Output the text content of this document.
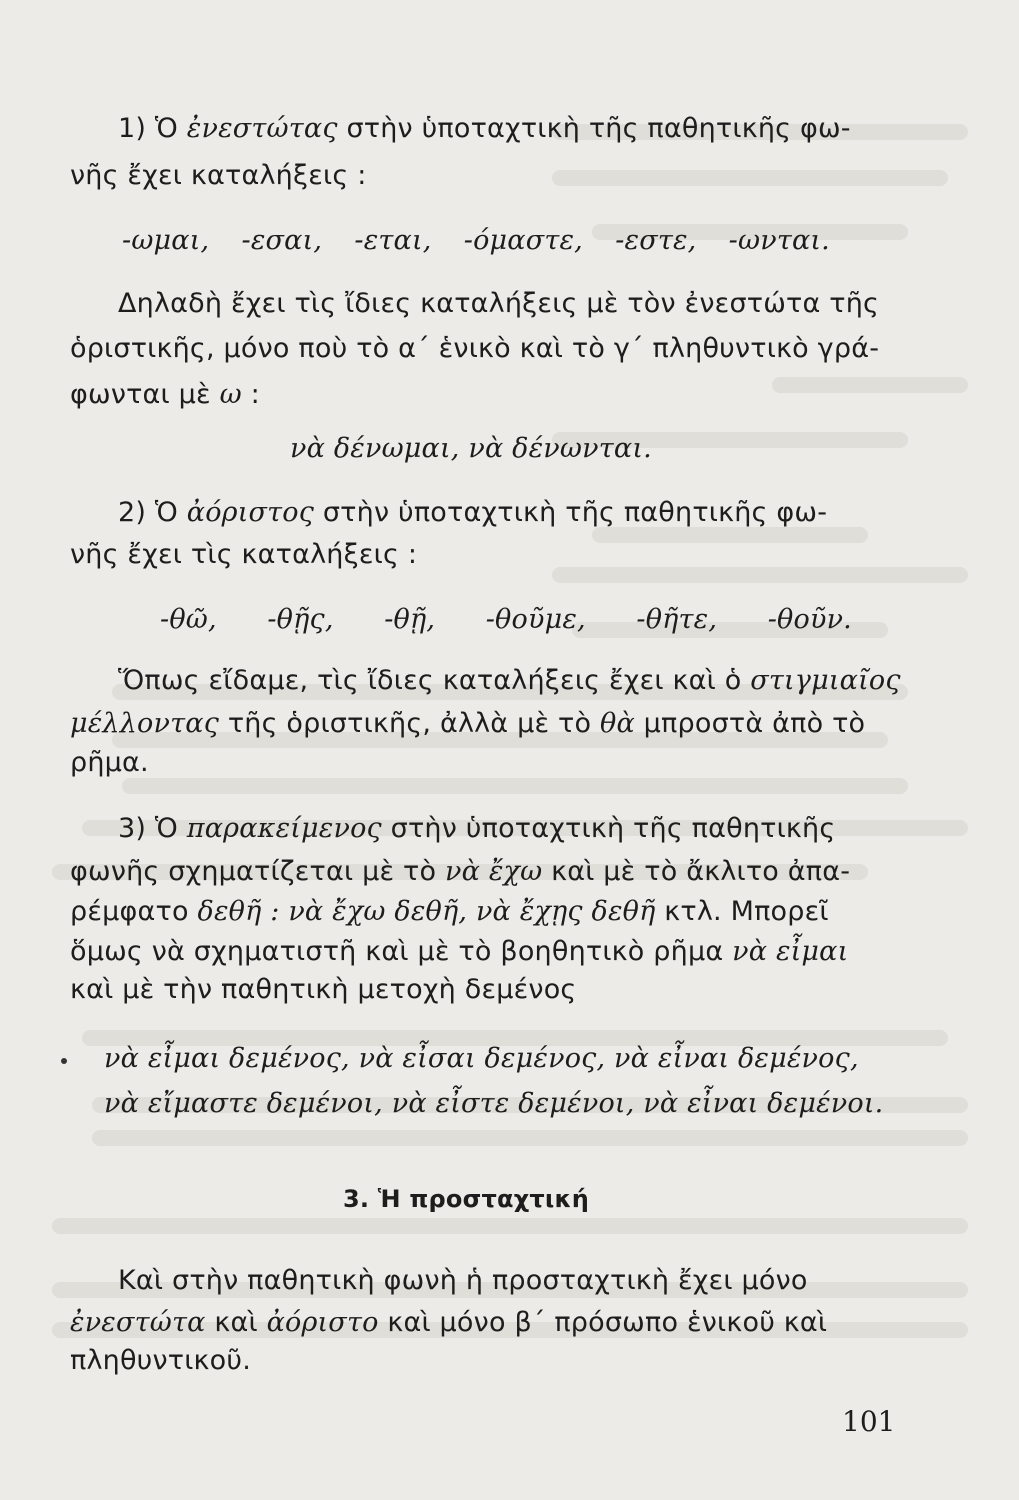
1) Ὁ ἐνεστώτας στὴν ὑποταχτικὴ τῆς παθητικῆς φω-
νῆς ἔχει καταλήξεις :
-ωμαι, -εσαι, -εται, -όμαστε, -εστε, -ωνται.
Δηλαδὴ ἔχει τὶς ἴδιες καταλήξεις μὲ τὸν ἐνεστώτα τῆς
ὁριστικῆς, μόνο ποὺ τὸ α΄ ἑνικὸ καὶ τὸ γ΄ πληθυντικὸ γρά-
φωνται μὲ ω :
νὰ δένωμαι, νὰ δένωνται.
2) Ὁ ἀόριστος στὴν ὑποταχτικὴ τῆς παθητικῆς φω-
νῆς ἔχει τὶς καταλήξεις :
-θῶ, -θῇς, -θῇ, -θοῦμε, -θῆτε, -θοῦν.
Ὅπως εἴδαμε, τὶς ἴδιες καταλήξεις ἔχει καὶ ὁ στιγμιαῖος
μέλλοντας τῆς ὁριστικῆς, ἀλλὰ μὲ τὸ θὰ μπροστὰ ἀπὸ τὸ
ρῆμα.
3) Ὁ παρακείμενος στὴν ὑποταχτικὴ τῆς παθητικῆς
φωνῆς σχηματίζεται μὲ τὸ νὰ ἔχω καὶ μὲ τὸ ἄκλιτο ἀπα-
ρέμφατο δεθῆ : νὰ ἔχω δεθῆ, νὰ ἔχῃς δεθῆ κτλ. Μπορεῖ
ὅμως νὰ σχηματιστῆ καὶ μὲ τὸ βοηθητικὸ ρῆμα νὰ εἶμαι
καὶ μὲ τὴν παθητικὴ μετοχὴ δεμένος
νὰ εἶμαι δεμένος, νὰ εἶσαι δεμένος, νὰ εἶναι δεμένος,
νὰ εἴμαστε δεμένοι, νὰ εἶστε δεμένοι, νὰ εἶναι δεμένοι.
3. Ἡ προσταχτική
Καὶ στὴν παθητικὴ φωνὴ ἡ προσταχτικὴ ἔχει μόνο
ἐνεστώτα καὶ ἀόριστο καὶ μόνο β΄ πρόσωπο ἑνικοῦ καὶ
πληθυντικοῦ.
101
